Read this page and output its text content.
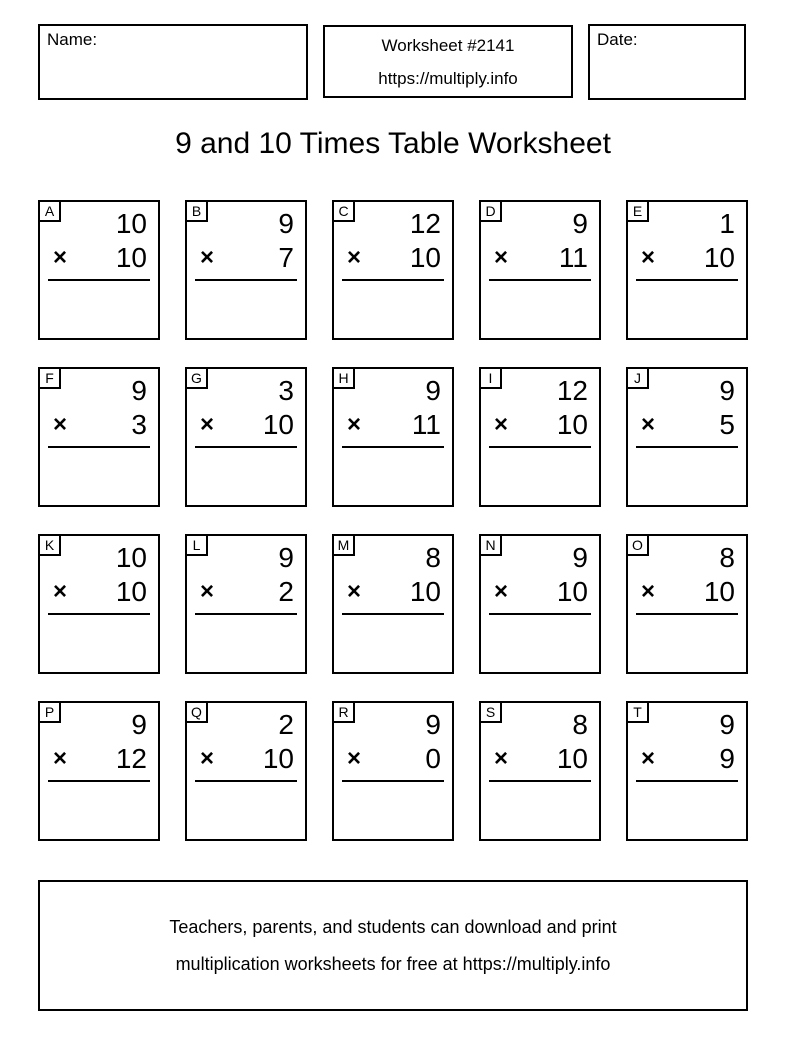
Name:	Worksheet #2141
https://multiply.info
Date:
9 and 10 Times Table Worksheet
A	10
× 10
B	9
× 7
C	12
× 10
D	9
× 11
E	1
× 10
F	9
× 3
G	3
× 10
H	9
× 11
I	12
× 10
J	9
× 5
K	10
× 10
L	9
× 2
M	8
× 10
N	9
× 10
O	8
× 10
P	9
× 12
Q	2
× 10
R	9
× 0
S	8
× 10
T	9
× 9
Teachers, parents, and students can download and print
multiplication worksheets for free at https://multiply.info
